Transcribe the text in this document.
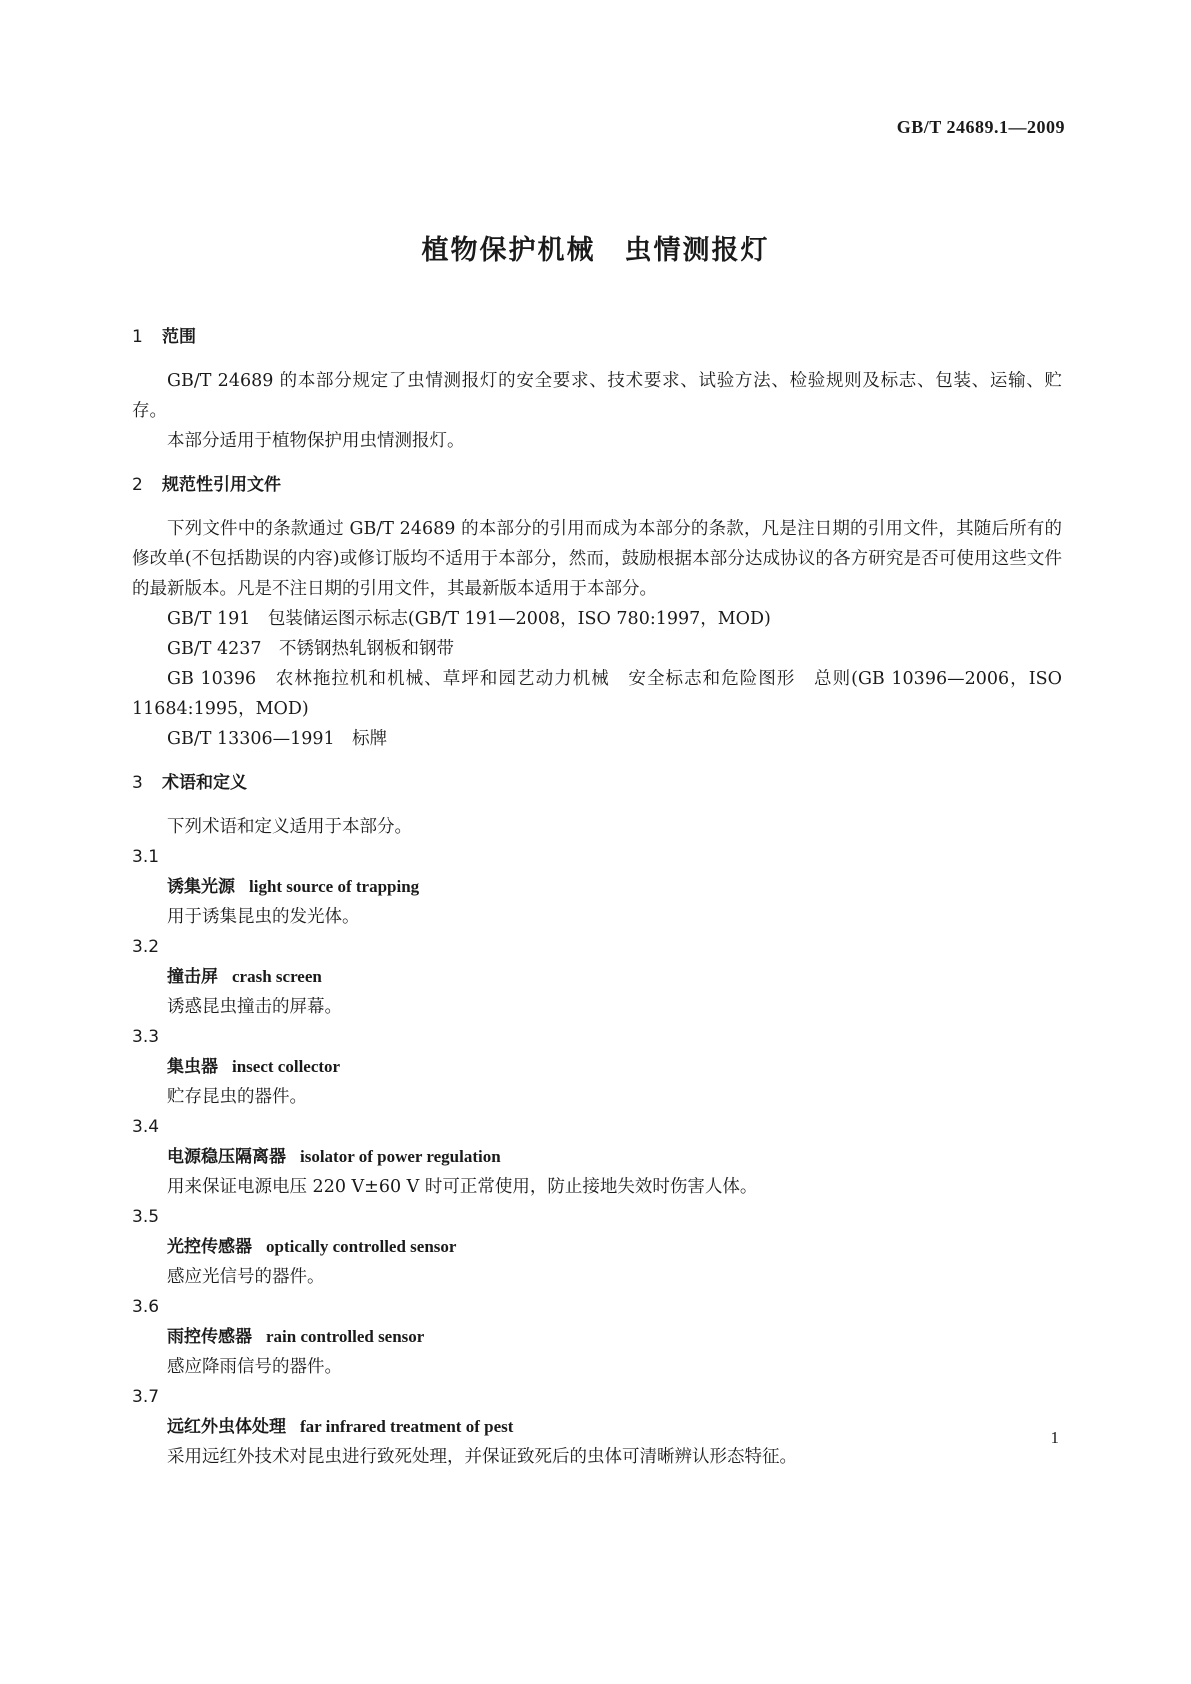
GB/T 24689.1—2009
植物保护机械　虫情测报灯
1 范围
GB/T 24689 的本部分规定了虫情测报灯的安全要求、技术要求、试验方法、检验规则及标志、包装、运输、贮存。
本部分适用于植物保护用虫情测报灯。
2 规范性引用文件
下列文件中的条款通过 GB/T 24689 的本部分的引用而成为本部分的条款，凡是注日期的引用文件，其随后所有的修改单(不包括勘误的内容)或修订版均不适用于本部分，然而，鼓励根据本部分达成协议的各方研究是否可使用这些文件的最新版本。凡是不注日期的引用文件，其最新版本适用于本部分。
GB/T 191　包装储运图示标志(GB/T 191—2008，ISO 780:1997，MOD)
GB/T 4237　不锈钢热轧钢板和钢带
GB 10396　农林拖拉机和机械、草坪和园艺动力机械　安全标志和危险图形　总则(GB 10396—2006，ISO 11684:1995，MOD)
GB/T 13306—1991　标牌
3 术语和定义
下列术语和定义适用于本部分。
3.1
诱集光源 light source of trapping
用于诱集昆虫的发光体。
3.2
撞击屏 crash screen
诱惑昆虫撞击的屏幕。
3.3
集虫器 insect collector
贮存昆虫的器件。
3.4
电源稳压隔离器 isolator of power regulation
用来保证电源电压 220 V±60 V 时可正常使用，防止接地失效时伤害人体。
3.5
光控传感器 optically controlled sensor
感应光信号的器件。
3.6
雨控传感器 rain controlled sensor
感应降雨信号的器件。
3.7
远红外虫体处理 far infrared treatment of pest
采用远红外技术对昆虫进行致死处理，并保证致死后的虫体可清晰辨认形态特征。
1
